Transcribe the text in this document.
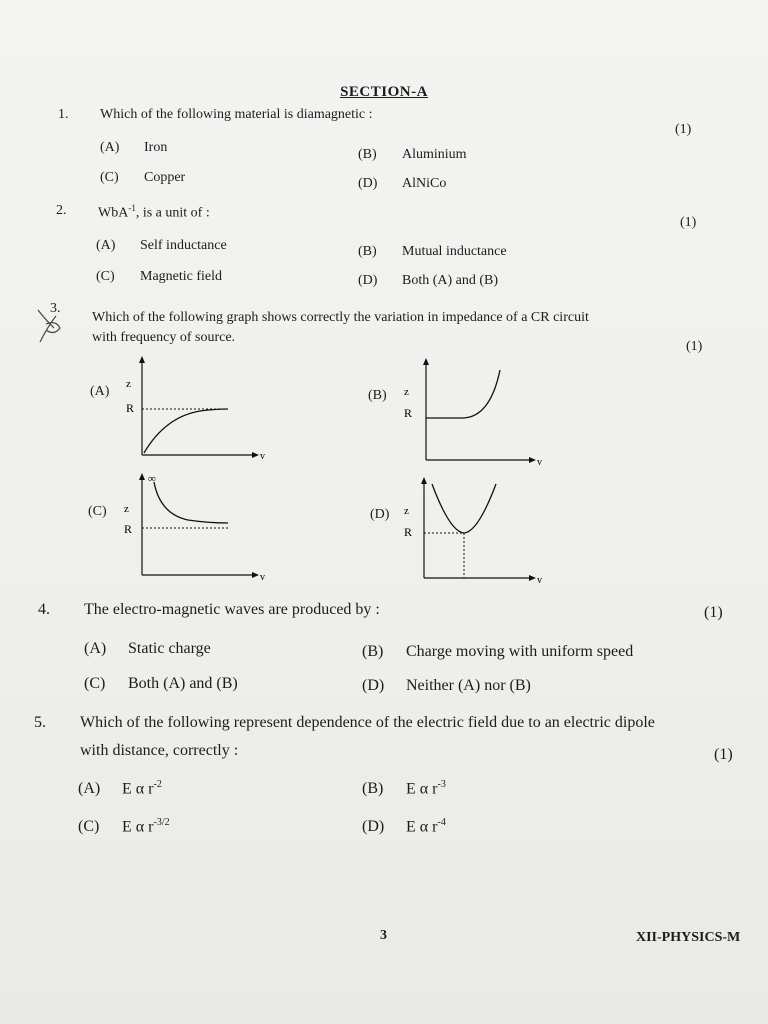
SECTION-A
1. Which of the following material is diamagnetic :
(1)
(A) Iron	(B) Aluminium
(C) Copper	(D) AlNiCo
2. WbA$^{-1}$, is a unit of :
(1)
(A) Self inductance	(B) Mutual inductance
(C) Magnetic field	(D) Both (A) and (B)
3.
Which of the following graph shows correctly the variation in impedance of a CR circuit
with frequency of source.
(1)
(A) z
R
v
(B) z
R
v
(C)
∞
z
R
v
(D) z
R
v
4. The electro-magnetic waves are produced by :	(1)
(A) Static charge	(B) Charge moving with uniform speed
(C) Both (A) and (B)	(D) Neither (A) nor (B)
5. Which of the following represent dependence of the electric field due to an electric dipole
with distance, correctly :	(1)
(A) E α $r^{-2}$	(B) E α $r^{-3}$
(C) E α $r^{-3/2}$	(D) E α $r^{-4}$
3	XII-PHYSICS-M
